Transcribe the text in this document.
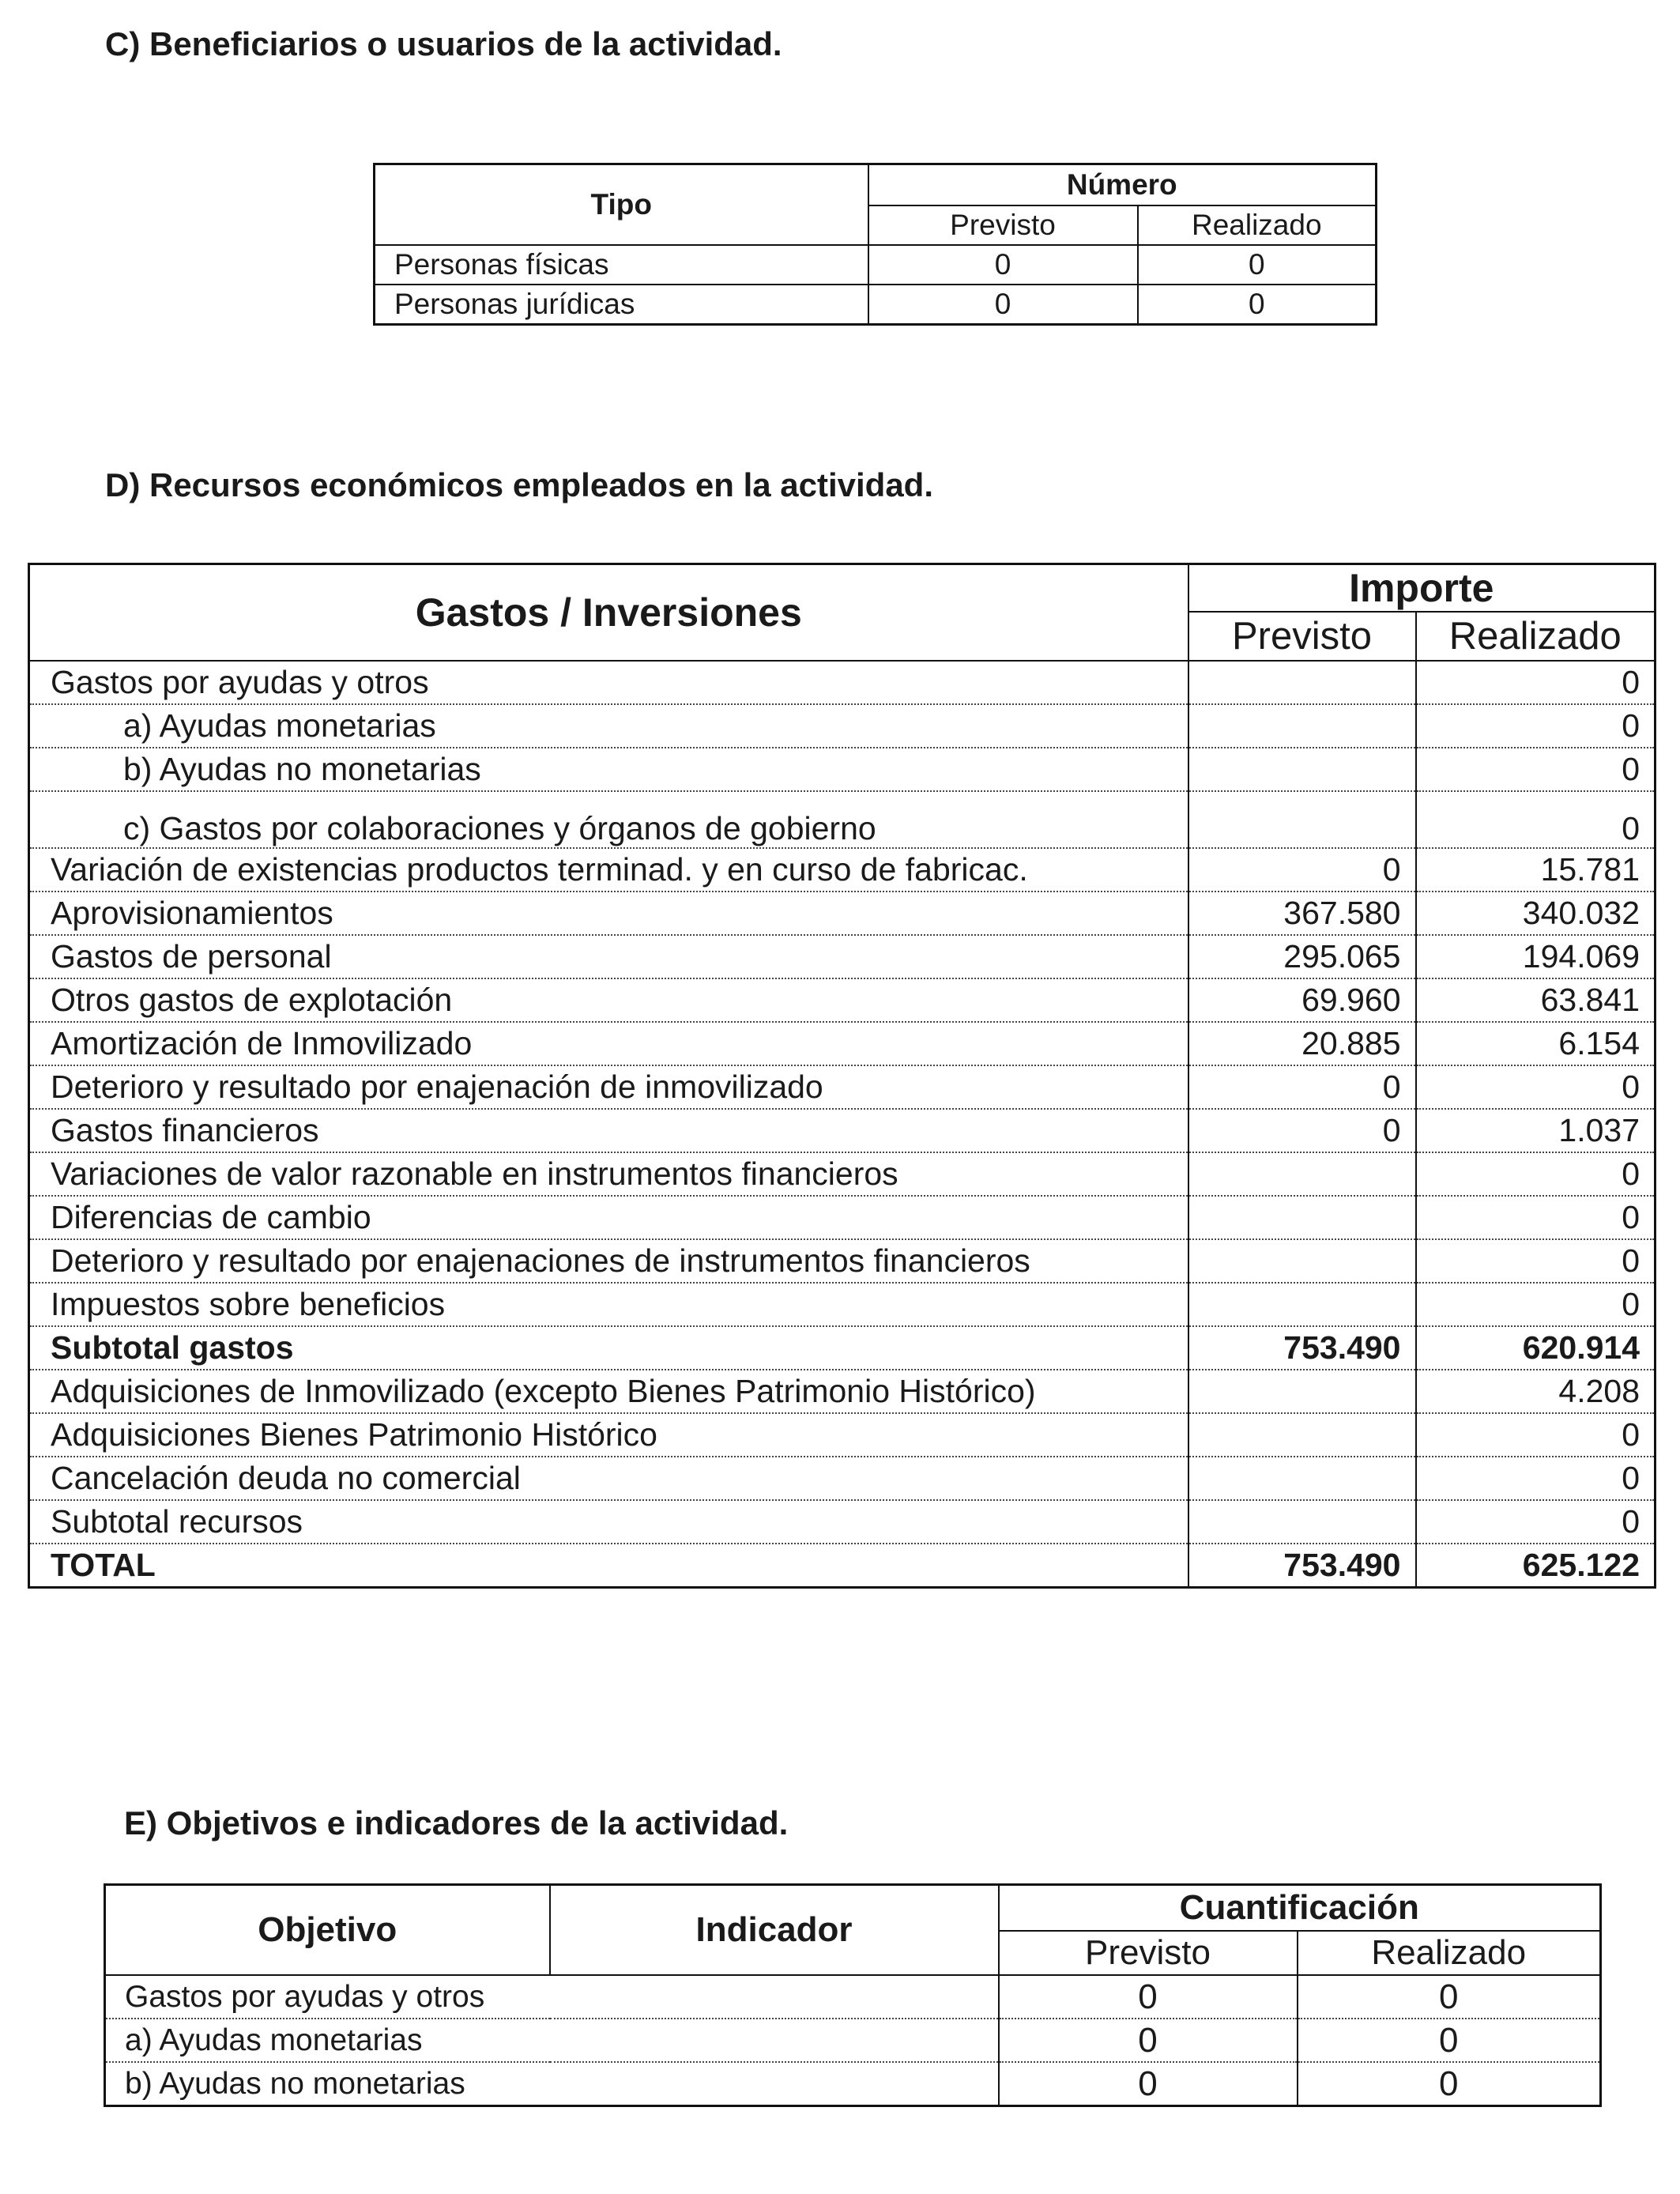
C) Beneficiarios o usuarios de la actividad.
Tipo	Número	
	Previsto	Realizado
Personas físicas	0	0
Personas jurídicas	0	0
D) Recursos económicos empleados en la actividad.
Gastos / Inversiones	Importe	
	Previsto	Realizado
Gastos por ayudas y otros		0
a) Ayudas monetarias		0
b) Ayudas no monetarias		0
c) Gastos por colaboraciones y órganos de gobierno		0
Variación de existencias productos terminad. y en curso de fabricac.	0	15.781
Aprovisionamientos	367.580	340.032
Gastos de personal	295.065	194.069
Otros gastos de explotación	69.960	63.841
Amortización de Inmovilizado	20.885	6.154
Deterioro y resultado por enajenación de inmovilizado	0	0
Gastos financieros	0	1.037
Variaciones de valor razonable en instrumentos financieros		0
Diferencias de cambio		0
Deterioro y resultado por enajenaciones de instrumentos financieros		0
Impuestos sobre beneficios		0
Subtotal gastos	753.490	620.914
Adquisiciones de Inmovilizado (excepto Bienes Patrimonio Histórico)		4.208
Adquisiciones Bienes Patrimonio Histórico		0
Cancelación deuda no comercial		0
Subtotal recursos		0
TOTAL	753.490	625.122
E) Objetivos e indicadores de la actividad.
Objetivo	Indicador	Cuantificación	
		Previsto	Realizado
Gastos por ayudas y otros		0	0
a) Ayudas monetarias		0	0
b) Ayudas no monetarias		0	0
